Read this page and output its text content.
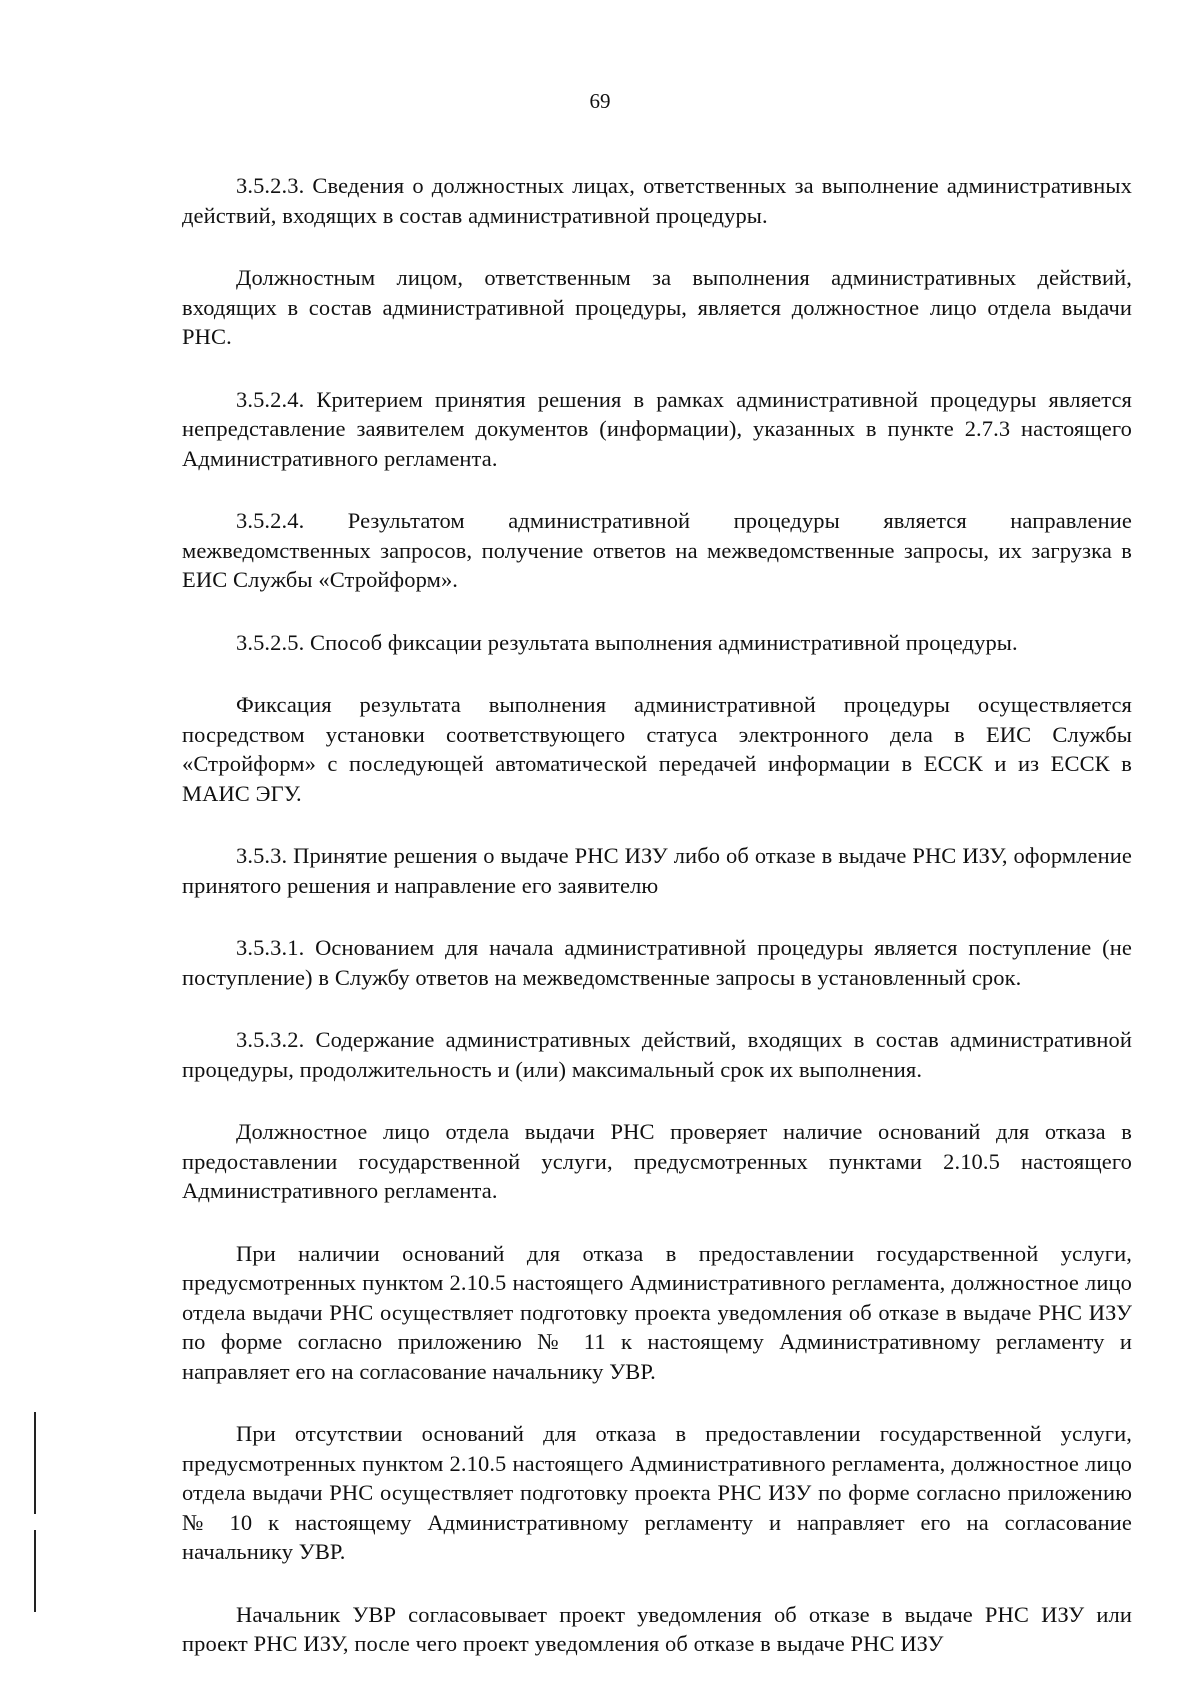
69

3.5.2.3. Сведения о должностных лицах, ответственных за выполнение административных действий, входящих в состав административной процедуры.

Должностным лицом, ответственным за выполнения административных действий, входящих в состав административной процедуры, является должностное лицо отдела выдачи РНС.

3.5.2.4. Критерием принятия решения в рамках административной процедуры является непредставление заявителем документов (информации), указанных в пункте 2.7.3 настоящего Административного регламента.

3.5.2.4. Результатом административной процедуры является направление межведомственных запросов, получение ответов на межведомственные запросы, их загрузка в ЕИС Службы «Стройформ».

3.5.2.5. Способ фиксации результата выполнения административной процедуры.

Фиксация результата выполнения административной процедуры осуществляется посредством установки соответствующего статуса электронного дела в ЕИС Службы «Стройформ» с последующей автоматической передачей информации в ЕССК и из ЕССК в МАИС ЭГУ.

3.5.3. Принятие решения о выдаче РНС ИЗУ либо об отказе в выдаче РНС ИЗУ, оформление принятого решения и направление его заявителю

3.5.3.1. Основанием для начала административной процедуры является поступление (не поступление) в Службу ответов на межведомственные запросы в установленный срок.

3.5.3.2. Содержание административных действий, входящих в состав административной процедуры, продолжительность и (или) максимальный срок их выполнения.

Должностное лицо отдела выдачи РНС проверяет наличие оснований для отказа в предоставлении государственной услуги, предусмотренных пунктами 2.10.5 настоящего Административного регламента.

При наличии оснований для отказа в предоставлении государственной услуги, предусмотренных пунктом 2.10.5 настоящего Административного регламента, должностное лицо отдела выдачи РНС осуществляет подготовку проекта уведомления об отказе в выдаче РНС ИЗУ по форме согласно приложению № 11 к настоящему Административному регламенту и направляет его на согласование начальнику УВР.

При отсутствии оснований для отказа в предоставлении государственной услуги, предусмотренных пунктом 2.10.5 настоящего Административного регламента, должностное лицо отдела выдачи РНС осуществляет подготовку проекта РНС ИЗУ по форме согласно приложению № 10 к настоящему Административному регламенту и направляет его на согласование начальнику УВР.

Начальник УВР согласовывает проект уведомления об отказе в выдаче РНС ИЗУ или проект РНС ИЗУ, после чего проект уведомления об отказе в выдаче РНС ИЗУ
